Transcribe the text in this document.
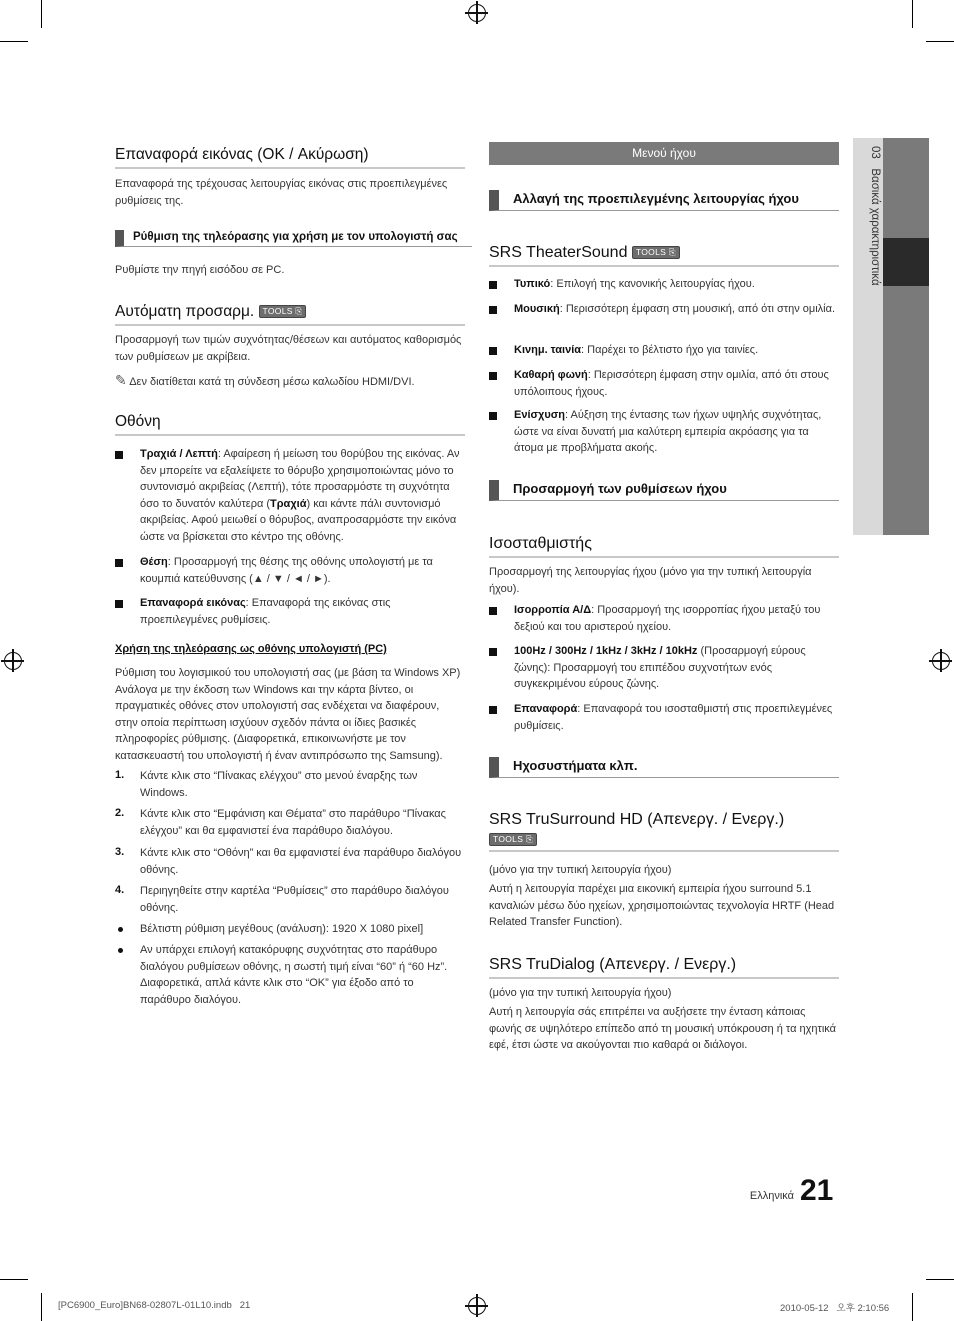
03   Βασικά χαρακτηριστικά
Επαναφορά εικόνας (OK / Ακύρωση)
Επαναφορά της τρέχουσας λειτουργίας εικόνας στις προεπιλεγμένες ρυθμίσεις της.
Ρύθμιση της τηλεόρασης για χρήση με τον υπολογιστή σας
Ρυθμίστε την πηγή εισόδου σε PC.
Αυτόματη προσαρμ. TOOLS ⎘
Προσαρμογή των τιμών συχνότητας/θέσεων και αυτόματος καθορισμός των ρυθμίσεων με ακρίβεια.
✎ Δεν διατίθεται κατά τη σύνδεση μέσω καλωδίου HDMI/DVI.
Οθόνη
Τραχιά / Λεπτή: Αφαίρεση ή μείωση του θορύβου της εικόνας. Αν δεν μπορείτε να εξαλείψετε το θόρυβο χρησιμοποιώντας μόνο το συντονισμό ακριβείας (Λεπτή), τότε προσαρμόστε τη συχνότητα όσο το δυνατόν καλύτερα (Τραχιά) και κάντε πάλι συντονισμό ακριβείας. Αφού μειωθεί ο θόρυβος, αναπροσαρμόστε την εικόνα ώστε να βρίσκεται στο κέντρο της οθόνης.
Θέση: Προσαρμογή της θέσης της οθόνης υπολογιστή με τα κουμπιά κατεύθυνσης (▲ / ▼ / ◄ / ►).
Επαναφορά εικόνας: Επαναφορά της εικόνας στις προεπιλεγμένες ρυθμίσεις.
Χρήση της τηλεόρασης ως οθόνης υπολογιστή (PC)
Ρύθμιση του λογισμικού του υπολογιστή σας (με βάση τα Windows XP) Ανάλογα με την έκδοση των Windows και την κάρτα βίντεο, οι πραγματικές οθόνες στον υπολογιστή σας ενδέχεται να διαφέρουν, στην οποία περίπτωση ισχύουν σχεδόν πάντα οι ίδιες βασικές πληροφορίες ρύθμισης. (Διαφορετικά, επικοινωνήστε με τον κατασκευαστή του υπολογιστή ή έναν αντιπρόσωπο της Samsung).
1. Κάντε κλικ στο “Πίνακας ελέγχου” στο μενού έναρξης των Windows.
2. Κάντε κλικ στο “Εμφάνιση και Θέματα” στο παράθυρο “Πίνακας ελέγχου” και θα εμφανιστεί ένα παράθυρο διαλόγου.
3. Κάντε κλικ στο “Οθόνη” και θα εμφανιστεί ένα παράθυρο διαλόγου οθόνης.
4. Περιηγηθείτε στην καρτέλα “Ρυθμίσεις” στο παράθυρο διαλόγου οθόνης.
Βέλτιστη ρύθμιση μεγέθους (ανάλυση): 1920 X 1080 pixel]
Αν υπάρχει επιλογή κατακόρυφης συχνότητας στο παράθυρο διαλόγου ρυθμίσεων οθόνης, η σωστή τιμή είναι “60” ή “60 Hz”. Διαφορετικά, απλά κάντε κλικ στο “OK” για έξοδο από το παράθυρο διαλόγου.
Μενού ήχου
Αλλαγή της προεπιλεγμένης λειτουργίας ήχου
SRS TheaterSound TOOLS ⎘
Τυπικό: Επιλογή της κανονικής λειτουργίας ήχου.
Μουσική: Περισσότερη έμφαση στη μουσική, από ότι στην ομιλία.
Κινημ. ταινία: Παρέχει το βέλτιστο ήχο για ταινίες.
Καθαρή φωνή: Περισσότερη έμφαση στην ομιλία, από ότι στους υπόλοιπους ήχους.
Ενίσχυση: Αύξηση της έντασης των ήχων υψηλής συχνότητας, ώστε να είναι δυνατή μια καλύτερη εμπειρία ακρόασης για τα άτομα με προβλήματα ακοής.
Προσαρμογή των ρυθμίσεων ήχου
Ισοσταθμιστής
Προσαρμογή της λειτουργίας ήχου (μόνο για την τυπική λειτουργία ήχου).
Ισορροπία Α/Δ: Προσαρμογή της ισορροπίας ήχου μεταξύ του δεξιού και του αριστερού ηχείου.
100Hz / 300Hz / 1kHz / 3kHz / 10kHz (Προσαρμογή εύρους ζώνης): Προσαρμογή του επιπέδου συχνοτήτων ενός συγκεκριμένου εύρους ζώνης.
Επαναφορά: Επαναφορά του ισοσταθμιστή στις προεπιλεγμένες ρυθμίσεις.
Ηχοσυστήματα κλπ.
SRS TruSurround HD (Απενεργ. / Ενεργ.)
TOOLS ⎘
(μόνο για την τυπική λειτουργία ήχου)
Αυτή η λειτουργία παρέχει μια εικονική εμπειρία ήχου surround 5.1 καναλιών μέσω δύο ηχείων, χρησιμοποιώντας τεχνολογία HRTF (Head Related Transfer Function).
SRS TruDialog (Απενεργ. / Ενεργ.)
(μόνο για την τυπική λειτουργία ήχου)
Αυτή η λειτουργία σάς επιτρέπει να αυξήσετε την ένταση κάποιας φωνής σε υψηλότερο επίπεδο από τη μουσική υπόκρουση ή τα ηχητικά εφέ, έτσι ώστε να ακούγονται πιο καθαρά οι διάλογοι.
Ελληνικά 21
[PC6900_Euro]BN68-02807L-01L10.indb   21	2010-05-12   오후 2:10:56
